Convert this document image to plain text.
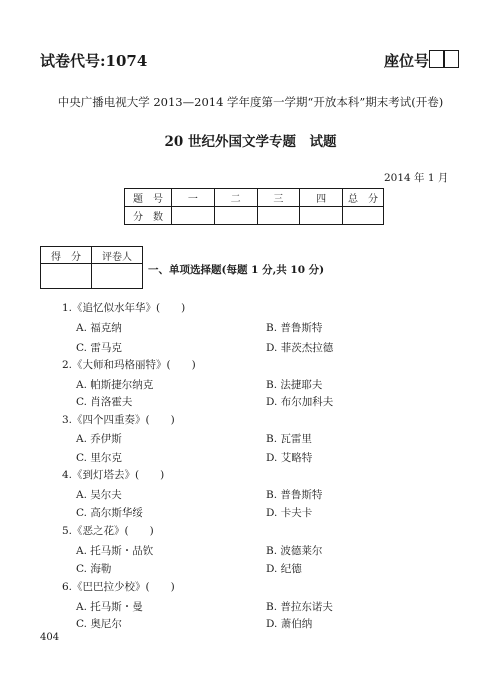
试卷代号:1074	座位号
中央广播电视大学 2013—2014 学年度第一学期“开放本科”期末考试(开卷)
20 世纪外国文学专题　试题
2014 年 1 月
题　号	一	二	三	四	总　分
分　数					
得　分	评卷人

一、单项选择题(每题 1 分,共 10 分)
1.《追忆似水年华》(　　)
A. 福克纳	B. 普鲁斯特
C. 雷马克	D. 菲茨杰拉德
2.《大师和玛格丽特》(　　)
A. 帕斯捷尔纳克	B. 法捷耶夫
C. 肖洛霍夫	D. 布尔加科夫
3.《四个四重奏》(　　)
A. 乔伊斯	B. 瓦雷里
C. 里尔克	D. 艾略特
4.《到灯塔去》(　　)
A. 吴尔夫	B. 普鲁斯特
C. 高尔斯华绥	D. 卡夫卡
5.《恶之花》(　　)
A. 托马斯・品钦	B. 波德莱尔
C. 海勒	D. 纪德
6.《巴巴拉少校》(　　)
A. 托马斯・曼	B. 普拉东诺夫
C. 奥尼尔	D. 萧伯纳
404
